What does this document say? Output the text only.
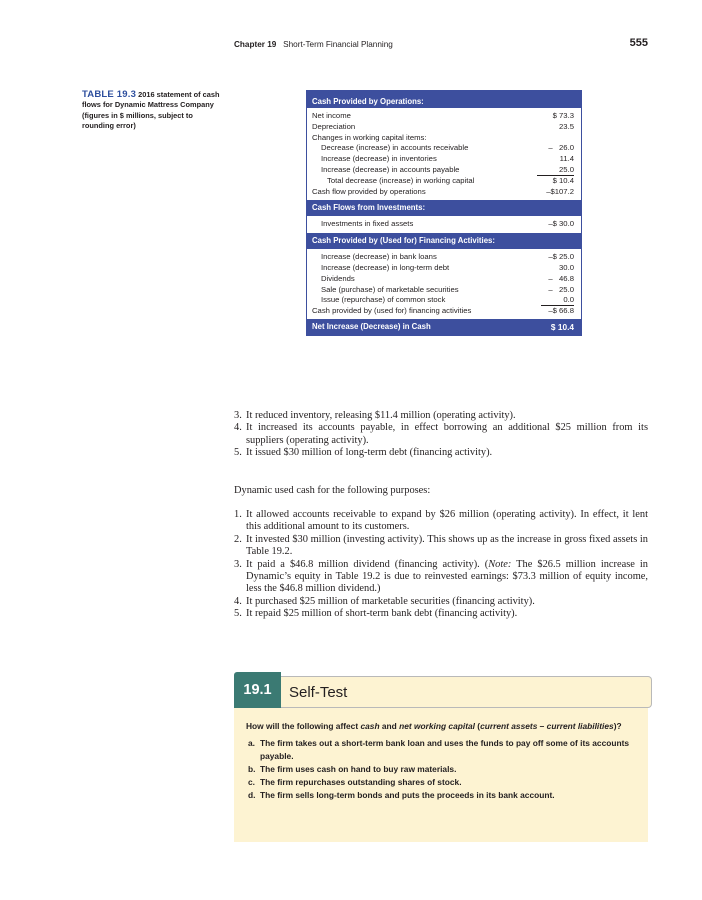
Chapter 19 Short-Term Financial Planning	555
TABLE 19.3 2016 statement of cash flows for Dynamic Mattress Company (figures in $ millions, subject to rounding error)
Cash Provided by Operations:
Net income	$ 73.3
Depreciation	23.5
Changes in working capital items:
Decrease (increase) in accounts receivable	–   26.0
Increase (decrease) in inventories	11.4
Increase (decrease) in accounts payable	25.0
Total decrease (increase) in working capital	$ 10.4
Cash flow provided by operations	–$107.2
Cash Flows from Investments:
Investments in fixed assets	–$ 30.0
Cash Provided by (Used for) Financing Activities:
Increase (decrease) in bank loans	–$ 25.0
Increase (decrease) in long-term debt	30.0
Dividends	–   46.8
Sale (purchase) of marketable securities	–   25.0
Issue (repurchase) of common stock	0.0
Cash provided by (used for) financing activities	–$ 66.8
Net Increase (Decrease) in Cash	$ 10.4
3. It reduced inventory, releasing $11.4 million (operating activity).
4. It increased its accounts payable, in effect borrowing an additional $25 million from its suppliers (operating activity).
5. It issued $30 million of long-term debt (financing activity).
Dynamic used cash for the following purposes:
1. It allowed accounts receivable to expand by $26 million (operating activity). In effect, it lent this additional amount to its customers.
2. It invested $30 million (investing activity). This shows up as the increase in gross fixed assets in Table 19.2.
3. It paid a $46.8 million dividend (financing activity). (Note: The $26.5 million increase in Dynamic’s equity in Table 19.2 is due to reinvested earnings: $73.3 million of equity income, less the $46.8 million dividend.)
4. It purchased $25 million of marketable securities (financing activity).
5. It repaid $25 million of short-term bank debt (financing activity).
Self-Test
19.1
How will the following affect cash and net working capital (current assets – current liabilities)?
a. The firm takes out a short-term bank loan and uses the funds to pay off some of its accounts payable.
b. The firm uses cash on hand to buy raw materials.
c. The firm repurchases outstanding shares of stock.
d. The firm sells long-term bonds and puts the proceeds in its bank account.
